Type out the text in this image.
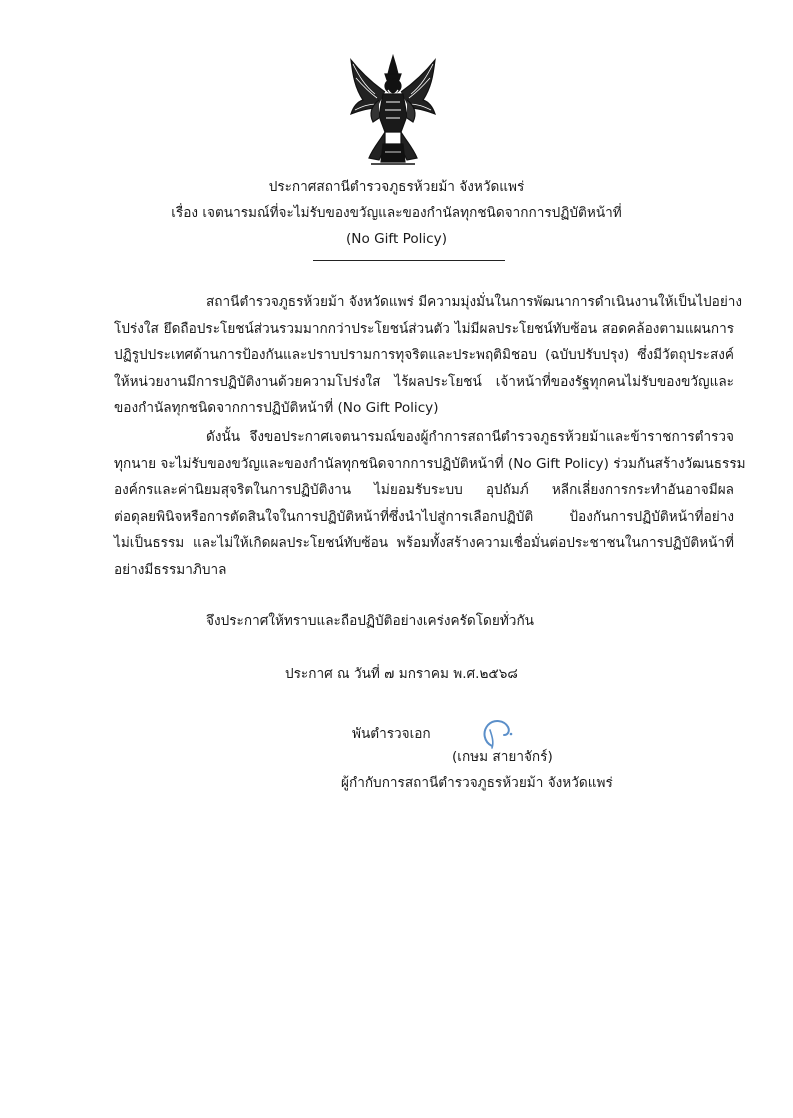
ประกาศสถานีตำรวจภูธรห้วยม้า จังหวัดแพร่
เรื่อง เจตนารมณ์ที่จะไม่รับของขวัญและของกำนัลทุกชนิดจากการปฏิบัติหน้าที่
(No Gift Policy)
สถานีตำรวจภูธรห้วยม้า จังหวัดแพร่ มีความมุ่งมั่นในการพัฒนาการดำเนินงานให้เป็นไปอย่าง
โปร่งใส ยึดถือประโยชน์ส่วนรวมมากกว่าประโยชน์ส่วนตัว ไม่มีผลประโยชน์ทับซ้อน สอดคล้องตามแผนการ
ปฏิรูปประเทศด้านการป้องกันและปราบปรามการทุจริตและประพฤติมิชอบ (ฉบับปรับปรุง) ซึ่งมีวัตถุประสงค์
ให้หน่วยงานมีการปฏิบัติงานด้วยความโปร่งใส ไร้ผลประโยชน์ เจ้าหน้าที่ของรัฐทุกคนไม่รับของขวัญและ
ของกำนัลทุกชนิดจากการปฏิบัติหน้าที่ (No Gift Policy)
ดังนั้น จึงขอประกาศเจตนารมณ์ของผู้กำการสถานีตำรวจภูธรห้วยม้าและข้าราชการตำรวจ
ทุกนาย จะไม่รับของขวัญและของกำนัลทุกชนิดจากการปฏิบัติหน้าที่ (No Gift Policy) ร่วมกันสร้างวัฒนธรรม
องค์กรและค่านิยมสุจริตในการปฏิบัติงาน ไม่ยอมรับระบบ อุปถัมภ์ หลีกเลี่ยงการกระทำอันอาจมีผล
ต่อดุลยพินิจหรือการตัดสินใจในการปฏิบัติหน้าที่ซึ่งนำไปสู่การเลือกปฏิบัติ ป้องกันการปฏิบัติหน้าที่อย่าง
ไม่เป็นธรรม และไม่ให้เกิดผลประโยชน์ทับซ้อน พร้อมทั้งสร้างความเชื่อมั่นต่อประชาชนในการปฏิบัติหน้าที่
อย่างมีธรรมาภิบาล
จึงประกาศให้ทราบและถือปฏิบัติอย่างเคร่งครัดโดยทั่วกัน
ประกาศ ณ วันที่ ๗ มกราคม พ.ศ.๒๕๖๘
พันตำรวจเอก
(เกษม สายาจักร์)
ผู้กำกับการสถานีตำรวจภูธรห้วยม้า จังหวัดแพร่
